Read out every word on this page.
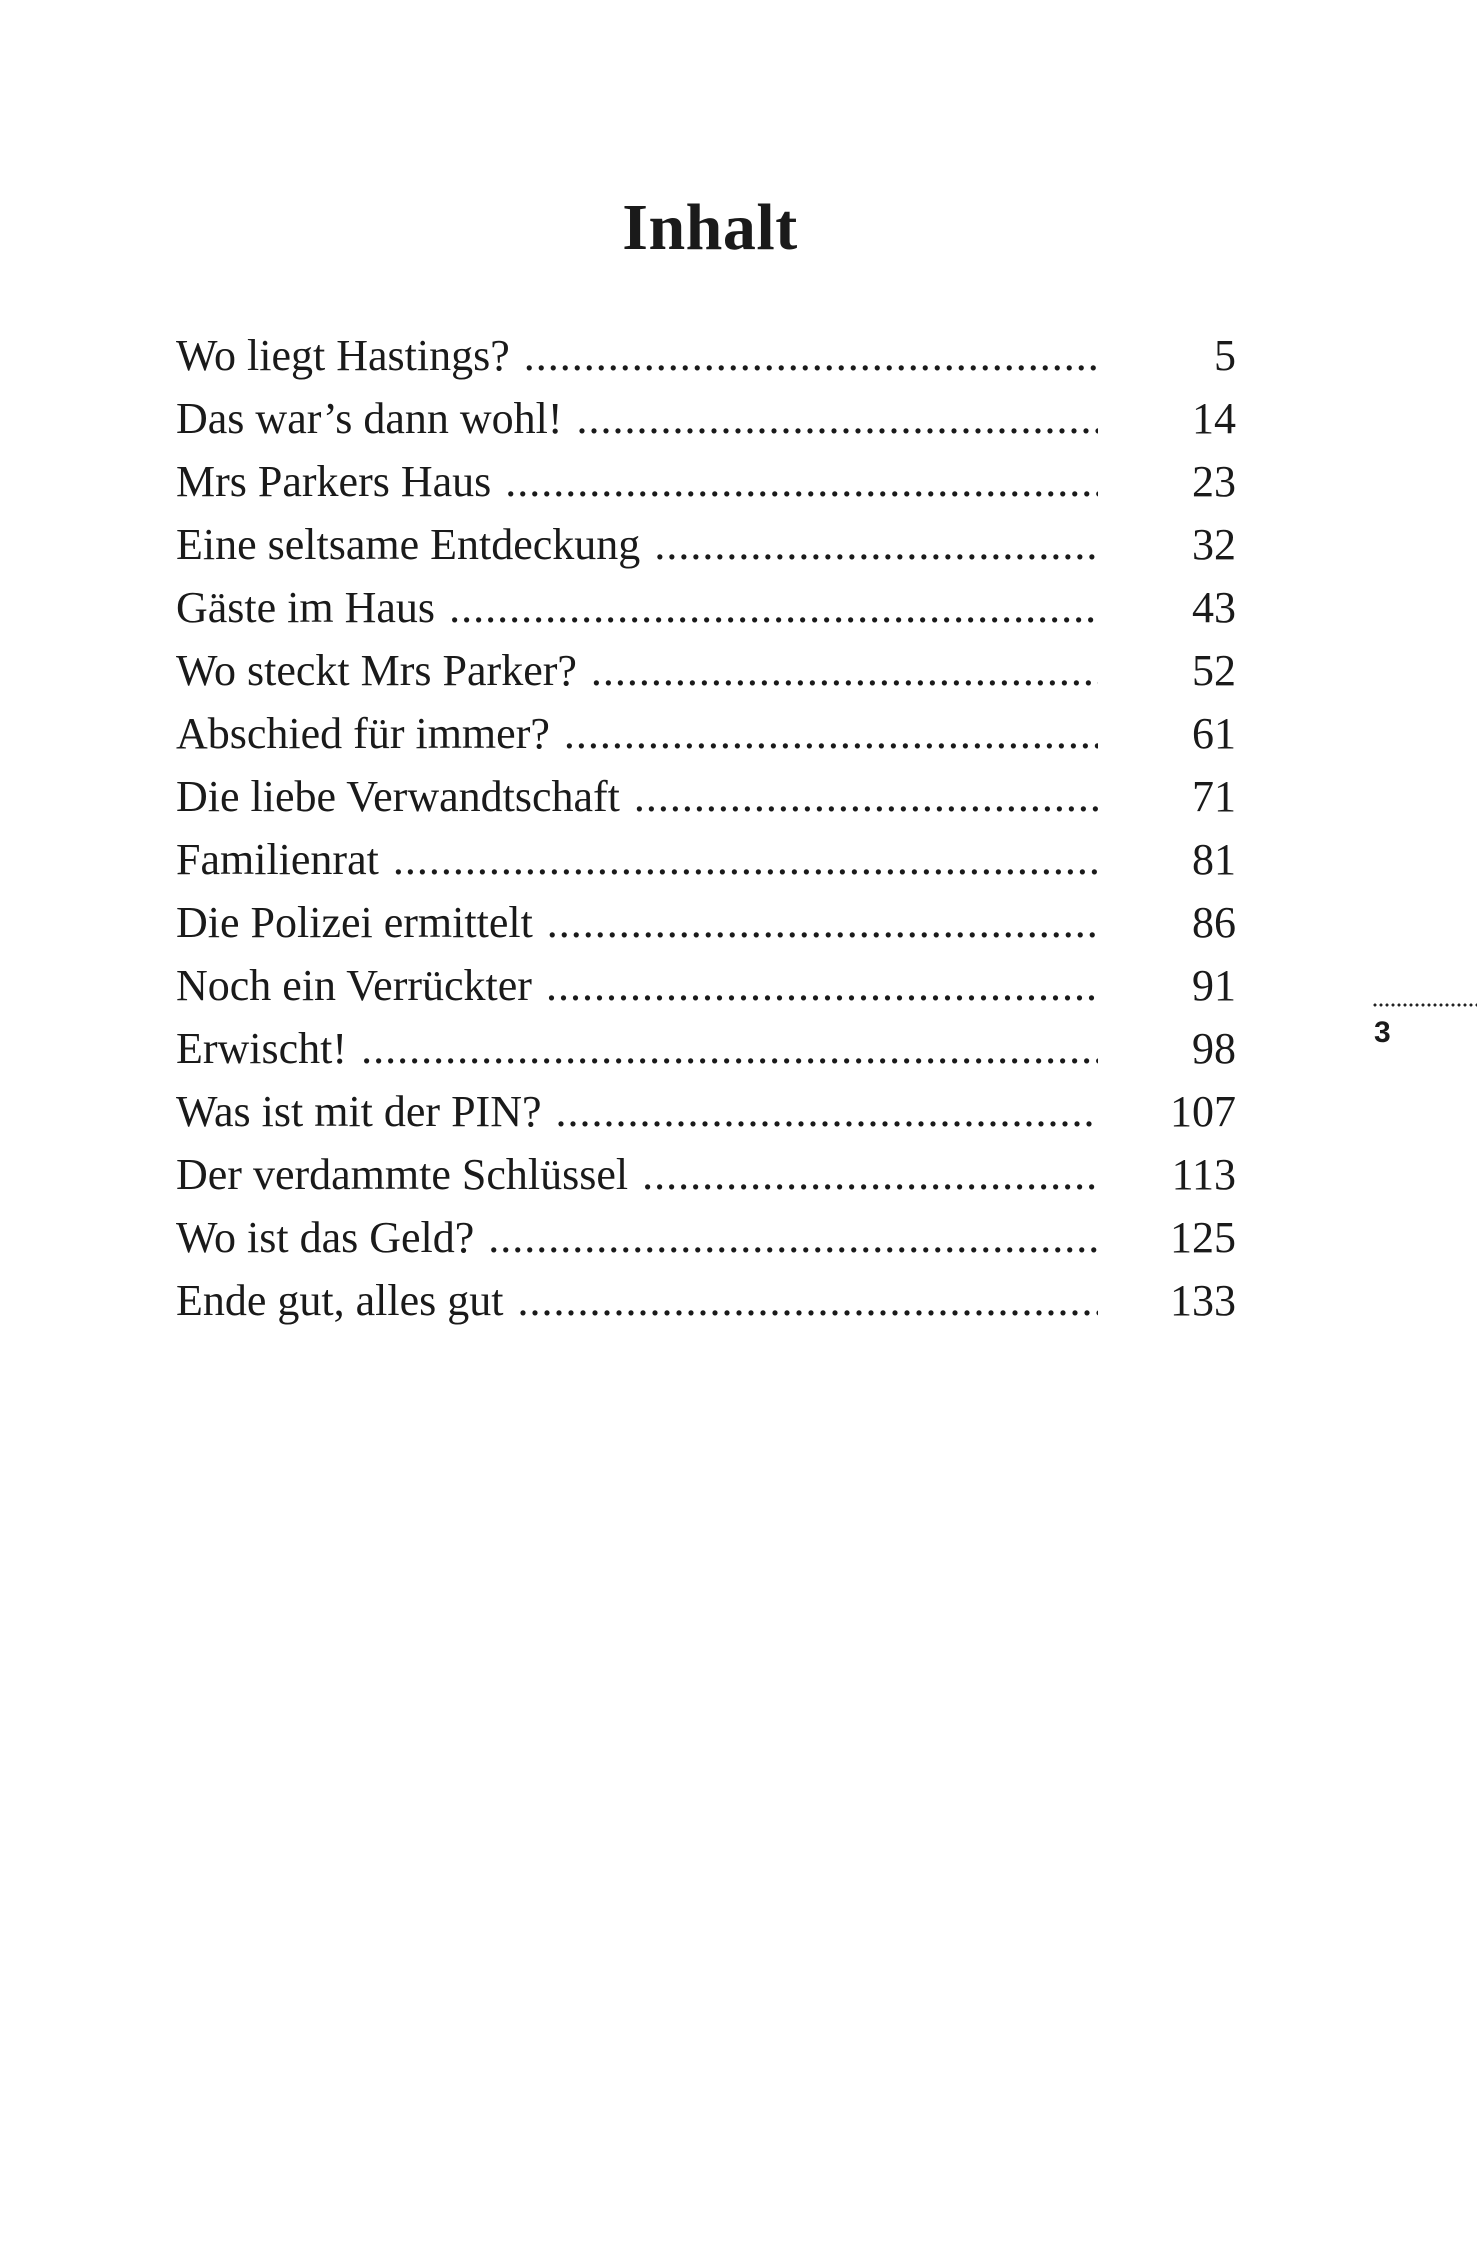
Inhalt
Wo liegt Hastings? .....	5
Das war’s dann wohl! .....	14
Mrs Parkers Haus .....	23
Eine seltsame Entdeckung .....	32
Gäste im Haus .....	43
Wo steckt Mrs Parker? .....	52
Abschied für immer? .....	61
Die liebe Verwandtschaft .....	71
Familienrat .....	81
Die Polizei ermittelt .....	86
Noch ein Verrückter .....	91
Erwischt! .....	98
Was ist mit der PIN? .....	107
Der verdammte Schlüssel .....	113
Wo ist das Geld? .....	125
Ende gut, alles gut .....	133
3
